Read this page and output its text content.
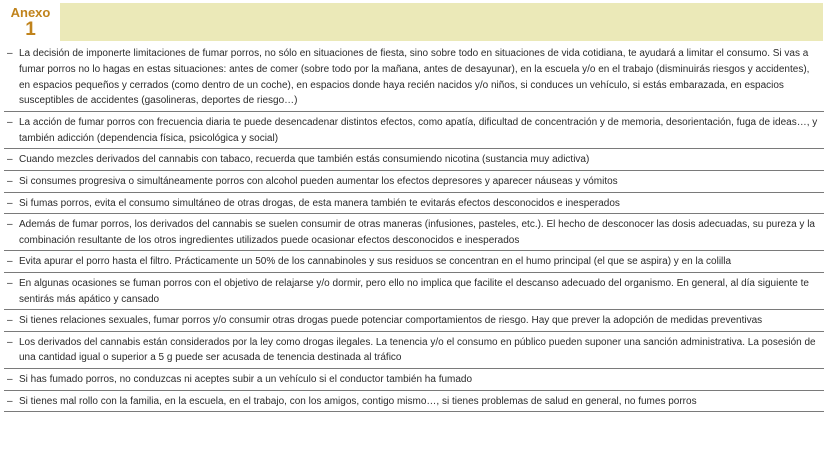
Anexo
1
– La decisión de imponerte limitaciones de fumar porros, no sólo en situaciones de fiesta, sino sobre todo en situaciones de vida cotidiana, te ayudará a limitar el consumo. Si vas a fumar porros no lo hagas en estas situaciones: antes de comer (sobre todo por la mañana, antes de desayunar), en la escuela y/o en el trabajo (disminuirás riesgos y accidentes), en espacios pequeños y cerrados (como dentro de un coche), en espacios donde haya recién nacidos y/o niños, si conduces un vehículo, si estás embarazada, en espacios susceptibles de accidentes (gasolineras, deportes de riesgo…)
– La acción de fumar porros con frecuencia diaria te puede desencadenar distintos efectos, como apatía, dificultad de concentración y de memoria, desorientación, fuga de ideas…, y también adicción (dependencia física, psicológica y social)
– Cuando mezcles derivados del cannabis con tabaco, recuerda que también estás consumiendo nicotina (sustancia muy adictiva)
– Si consumes progresiva o simultáneamente porros con alcohol pueden aumentar los efectos depresores y aparecer náuseas y vómitos
– Si fumas porros, evita el consumo simultáneo de otras drogas, de esta manera también te evitarás efectos desconocidos e inesperados
– Además de fumar porros, los derivados del cannabis se suelen consumir de otras maneras (infusiones, pasteles, etc.). El hecho de desconocer las dosis adecuadas, su pureza y la combinación resultante de los otros ingredientes utilizados puede ocasionar efectos desconocidos e inesperados
– Evita apurar el porro hasta el filtro. Prácticamente un 50% de los cannabinoles y sus residuos se concentran en el humo principal (el que se aspira) y en la colilla
– En algunas ocasiones se fuman porros con el objetivo de relajarse y/o dormir, pero ello no implica que facilite el descanso adecuado del organismo. En general, al día siguiente te sentirás más apático y cansado
– Si tienes relaciones sexuales, fumar porros y/o consumir otras drogas puede potenciar comportamientos de riesgo. Hay que prever la adopción de medidas preventivas
– Los derivados del cannabis están considerados por la ley como drogas ilegales. La tenencia y/o el consumo en público pueden suponer una sanción administrativa. La posesión de una cantidad igual o superior a 5 g puede ser acusada de tenencia destinada al tráfico
– Si has fumado porros, no conduzcas ni aceptes subir a un vehículo si el conductor también ha fumado
– Si tienes mal rollo con la familia, en la escuela, en el trabajo, con los amigos, contigo mismo…, si tienes problemas de salud en general, no fumes porros
